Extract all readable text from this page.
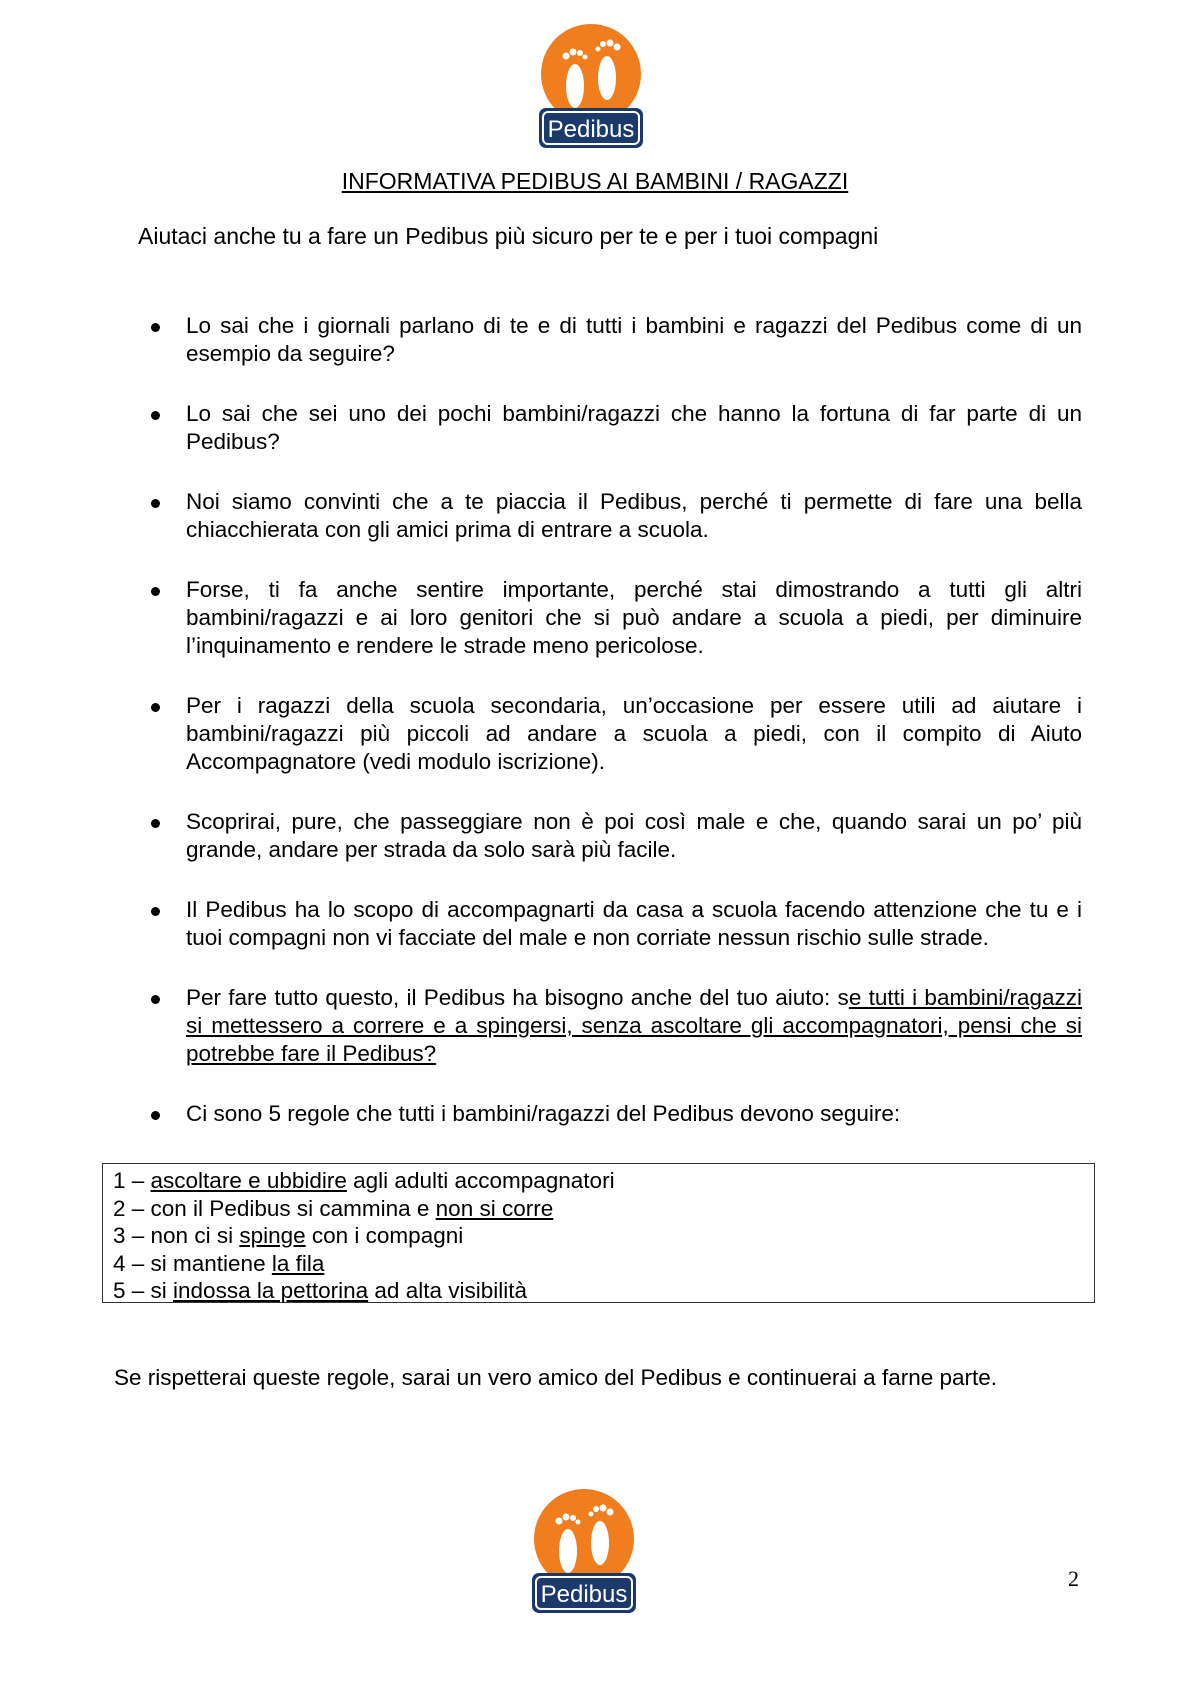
Pedibus
INFORMATIVA PEDIBUS AI BAMBINI / RAGAZZI
Aiutaci anche tu a fare un Pedibus più sicuro per te e per i tuoi compagni
Lo sai che i giornali parlano di te e di tutti i bambini e ragazzi del Pedibus come di un esempio da seguire?
Lo sai che sei uno dei pochi bambini/ragazzi che hanno la fortuna di far parte di un Pedibus?
Noi siamo convinti che a te piaccia il Pedibus, perché ti permette di fare una bella chiacchierata con gli amici prima di entrare a scuola.
Forse, ti fa anche sentire importante, perché stai dimostrando a tutti gli altri bambini/ragazzi e ai loro genitori che si può andare a scuola a piedi, per diminuire l’inquinamento e rendere le strade meno pericolose.
Per i ragazzi della scuola secondaria, un’occasione per essere utili ad aiutare i bambini/ragazzi più piccoli ad andare a scuola a piedi, con il compito di Aiuto Accompagnatore (vedi modulo iscrizione).
Scoprirai, pure, che passeggiare non è poi così male e che, quando sarai un po’ più grande, andare per strada da solo sarà più facile.
Il Pedibus ha lo scopo di accompagnarti da casa a scuola facendo attenzione che tu e i tuoi compagni non vi facciate del male e non corriate nessun rischio sulle strade.
Per fare tutto questo, il Pedibus ha bisogno anche del tuo aiuto: se tutti i bambini/ragazzi si mettessero a correre e a spingersi, senza ascoltare gli accompagnatori, pensi che si potrebbe fare il Pedibus?
Ci sono 5 regole che tutti i bambini/ragazzi del Pedibus devono seguire:
1 – ascoltare e ubbidire agli adulti accompagnatori
2 – con il Pedibus si cammina e non si corre
3 – non ci si spinge con i compagni
4 – si mantiene la fila
5 – si indossa la pettorina ad alta visibilità
Se rispetterai queste regole, sarai un vero amico del Pedibus e continuerai a farne parte.
Pedibus
2
